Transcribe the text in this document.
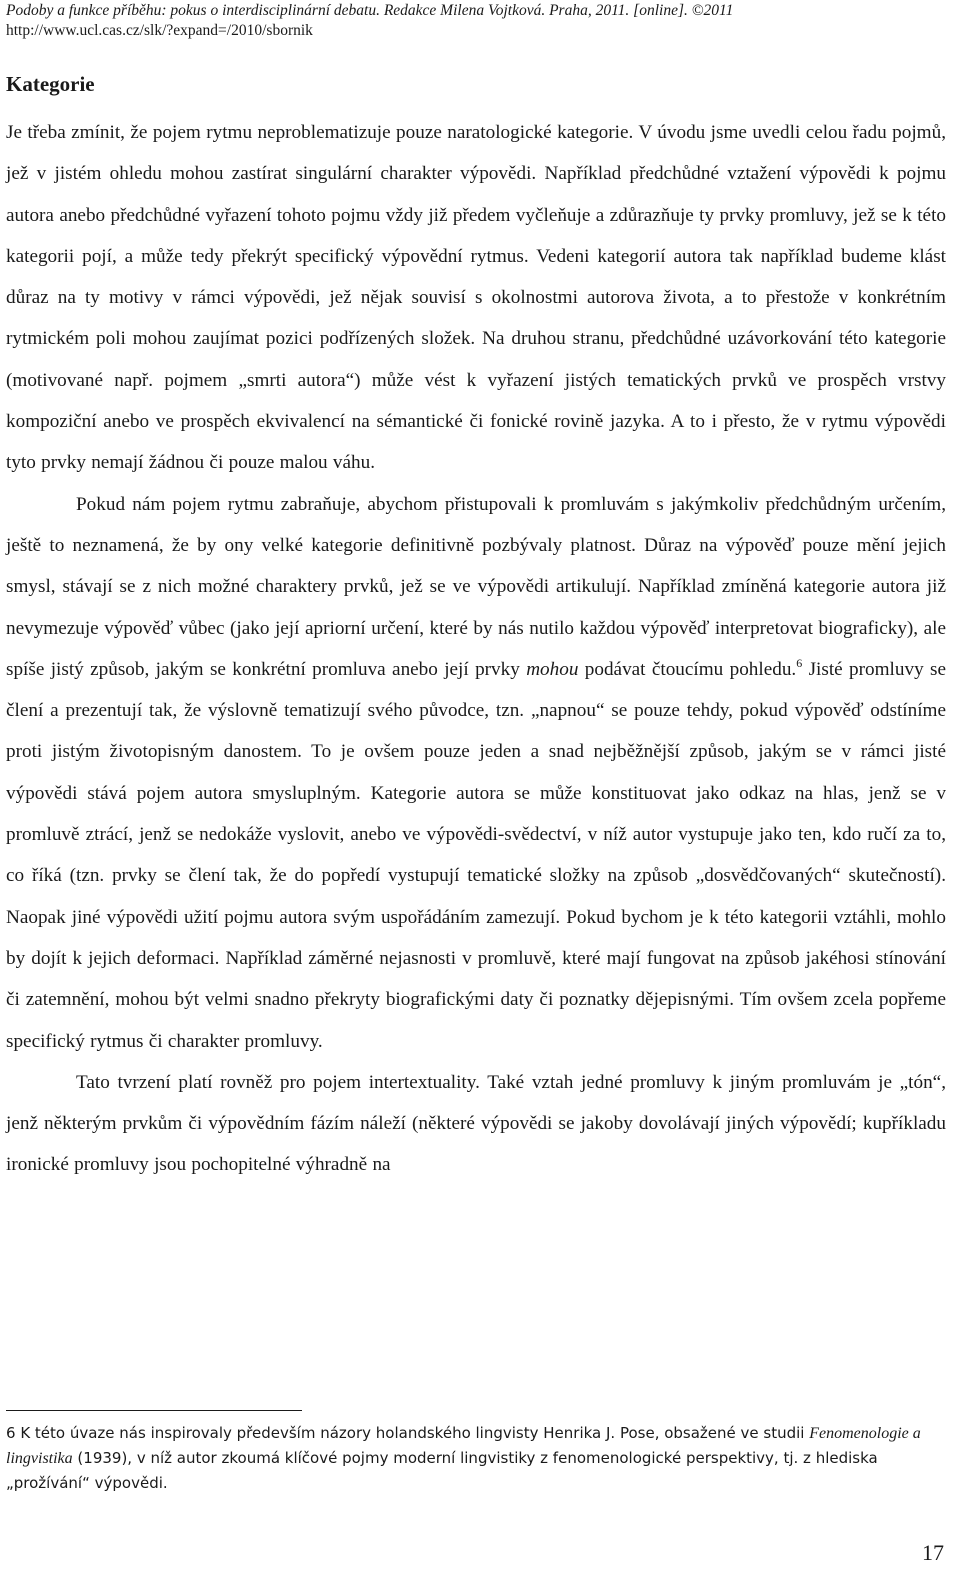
Podoby a funkce příběhu: pokus o interdisciplinární debatu. Redakce Milena Vojtková. Praha, 2011. [online]. ©2011
http://www.ucl.cas.cz/slk/?expand=/2010/sbornik
Kategorie

Je třeba zmínit, že pojem rytmu neproblematizuje pouze naratologické kategorie. V úvodu jsme uvedli celou řadu pojmů, jež v jistém ohledu mohou zastírat singulární charakter výpovědi. Například předchůdné vztažení výpovědi k pojmu autora anebo předchůdné vyřazení tohoto pojmu vždy již předem vyčleňuje a zdůrazňuje ty prvky promluvy, jež se k této kategorii pojí, a může tedy překrýt specifický výpovědní rytmus. Vedeni kategorií autora tak například budeme klást důraz na ty motivy v rámci výpovědi, jež nějak souvisí s okolnostmi autorova života, a to přestože v konkrétním rytmickém poli mohou zaujímat pozici podřízených složek. Na druhou stranu, předchůdné uzávorkování této kategorie (motivované např. pojmem „smrti autora“) může vést k vyřazení jistých tematických prvků ve prospěch vrstvy kompoziční anebo ve prospěch ekvivalencí na sémantické či fonické rovině jazyka. A to i přesto, že v rytmu výpovědi tyto prvky nemají žádnou či pouze malou váhu.

Pokud nám pojem rytmu zabraňuje, abychom přistupovali k promluvám s jakýmkoliv předchůdným určením, ještě to neznamená, že by ony velké kategorie definitivně pozbývaly platnost. Důraz na výpověď pouze mění jejich smysl, stávají se z nich možné charaktery prvků, jež se ve výpovědi artikulují. Například zmíněná kategorie autora již nevymezuje výpověď vůbec (jako její apriorní určení, které by nás nutilo každou výpověď interpretovat biograficky), ale spíše jistý způsob, jakým se konkrétní promluva anebo její prvky mohou podávat čtoucímu pohledu.$^6$ Jisté promluvy se člení a prezentují tak, že výslovně tematizují svého původce, tzn. „napnou“ se pouze tehdy, pokud výpověď odstíníme proti jistým životopisným danostem. To je ovšem pouze jeden a snad nejběžnější způsob, jakým se v rámci jisté výpovědi stává pojem autora smysluplným. Kategorie autora se může konstituovat jako odkaz na hlas, jenž se v promluvě ztrácí, jenž se nedokáže vyslovit, anebo ve výpovědi-svědectví, v níž autor vystupuje jako ten, kdo ručí za to, co říká (tzn. prvky se člení tak, že do popředí vystupují tematické složky na způsob „dosvědčovaných“ skutečností). Naopak jiné výpovědi užití pojmu autora svým uspořádáním zamezují. Pokud bychom je k této kategorii vztáhli, mohlo by dojít k jejich deformaci. Například záměrné nejasnosti v promluvě, které mají fungovat na způsob jakéhosi stínování či zatemnění, mohou být velmi snadno překryty biografickými daty či poznatky dějepisnými. Tím ovšem zcela popřeme specifický rytmus či charakter promluvy.

Tato tvrzení platí rovněž pro pojem intertextuality. Také vztah jedné promluvy k jiným promluvám je „tón“, jenž některým prvkům či výpovědním fázím náleží (některé výpovědi se jakoby dovolávají jiných výpovědí; kupříkladu ironické promluvy jsou pochopitelné výhradně na

6 K této úvaze nás inspirovaly především názory holandského lingvisty Henrika J. Pose, obsažené ve studii Fenomenologie a lingvistika (1939), v níž autor zkoumá klíčové pojmy moderní lingvistiky z fenomenologické perspektivy, tj. z hlediska „prožívání“ výpovědi.
17
